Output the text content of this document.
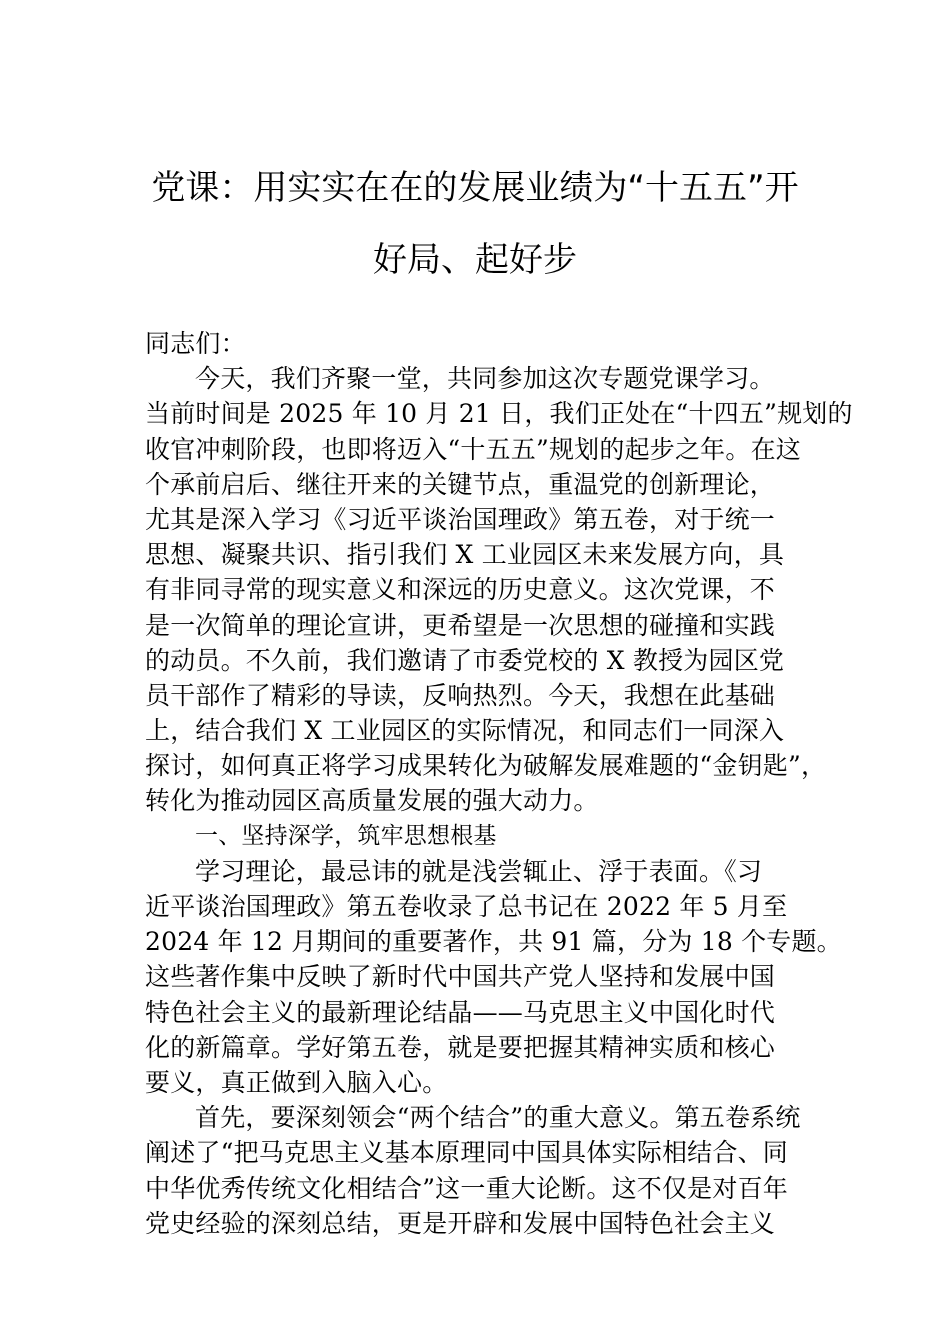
党课：用实实在在的发展业绩为“十五五”开
好局、起好步
同志们：
今天，我们齐聚一堂，共同参加这次专题党课学习。
当前时间是 2025 年 10 月 21 日，我们正处在“十四五”规划的
收官冲刺阶段，也即将迈入“十五五”规划的起步之年。在这
个承前启后、继往开来的关键节点，重温党的创新理论，
尤其是深入学习《习近平谈治国理政》第五卷，对于统一
思想、凝聚共识、指引我们 X 工业园区未来发展方向，具
有非同寻常的现实意义和深远的历史意义。这次党课，不
是一次简单的理论宣讲，更希望是一次思想的碰撞和实践
的动员。不久前，我们邀请了市委党校的 X 教授为园区党
员干部作了精彩的导读，反响热烈。今天，我想在此基础
上，结合我们 X 工业园区的实际情况，和同志们一同深入
探讨，如何真正将学习成果转化为破解发展难题的“金钥匙”，
转化为推动园区高质量发展的强大动力。
一、坚持深学，筑牢思想根基
学习理论，最忌讳的就是浅尝辄止、浮于表面。《习
近平谈治国理政》第五卷收录了总书记在 2022 年 5 月至
2024 年 12 月期间的重要著作，共 91 篇，分为 18 个专题。
这些著作集中反映了新时代中国共产党人坚持和发展中国
特色社会主义的最新理论结晶——马克思主义中国化时代
化的新篇章。学好第五卷，就是要把握其精神实质和核心
要义，真正做到入脑入心。
首先，要深刻领会“两个结合”的重大意义。第五卷系统
阐述了“把马克思主义基本原理同中国具体实际相结合、同
中华优秀传统文化相结合”这一重大论断。这不仅是对百年
党史经验的深刻总结，更是开辟和发展中国特色社会主义
